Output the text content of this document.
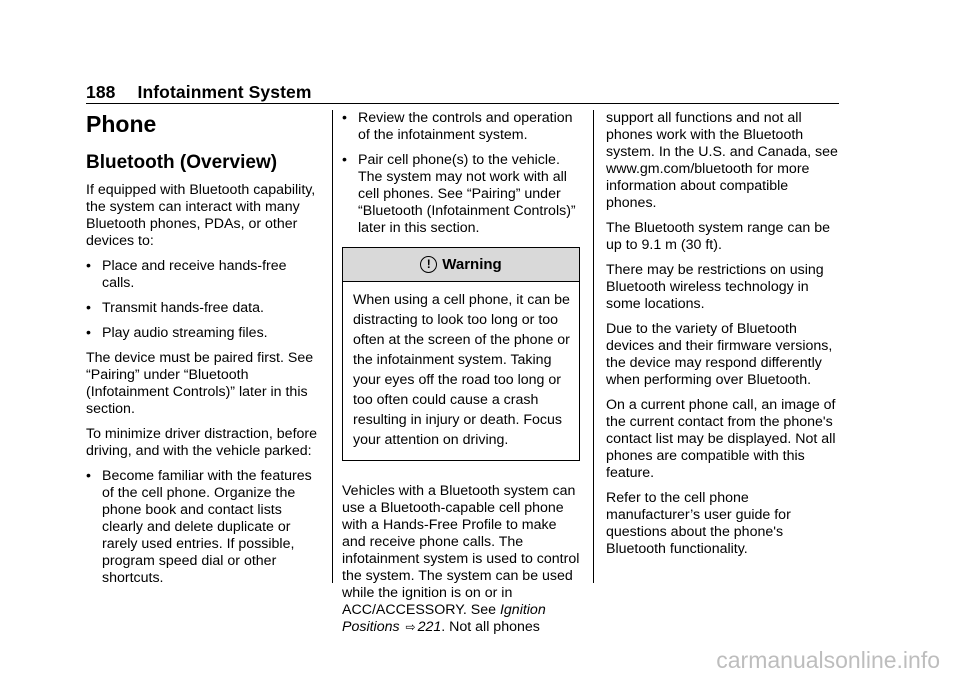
188 Infotainment System
Phone
Bluetooth (Overview)

If equipped with Bluetooth capability, the system can interact with many Bluetooth phones, PDAs, or other devices to:

• Place and receive hands-free calls.
• Transmit hands-free data.
• Play audio streaming files.

The device must be paired first. See “Pairing” under “Bluetooth (Infotainment Controls)” later in this section.

To minimize driver distraction, before driving, and with the vehicle parked:

• Become familiar with the features of the cell phone. Organize the phone book and contact lists clearly and delete duplicate or rarely used entries. If possible, program speed dial or other shortcuts.
• Review the controls and operation of the infotainment system.
• Pair cell phone(s) to the vehicle. The system may not work with all cell phones. See “Pairing” under “Bluetooth (Infotainment Controls)” later in this section.
! Warning
When using a cell phone, it can be distracting to look too long or too often at the screen of the phone or the infotainment system. Taking your eyes off the road too long or too often could cause a crash resulting in injury or death. Focus your attention on driving.

Vehicles with a Bluetooth system can use a Bluetooth-capable cell phone with a Hands-Free Profile to make and receive phone calls. The infotainment system is used to control the system. The system can be used while the ignition is on or in ACC/ACCESSORY. See Ignition Positions ⇨ 221. Not all phones

support all functions and not all phones work with the Bluetooth system. In the U.S. and Canada, see www.gm.com/bluetooth for more information about compatible phones.

The Bluetooth system range can be up to 9.1 m (30 ft).

There may be restrictions on using Bluetooth wireless technology in some locations.

Due to the variety of Bluetooth devices and their firmware versions, the device may respond differently when performing over Bluetooth.

On a current phone call, an image of the current contact from the phone's contact list may be displayed. Not all phones are compatible with this feature.

Refer to the cell phone manufacturer’s user guide for questions about the phone's Bluetooth functionality.

carmanualsonline.info
